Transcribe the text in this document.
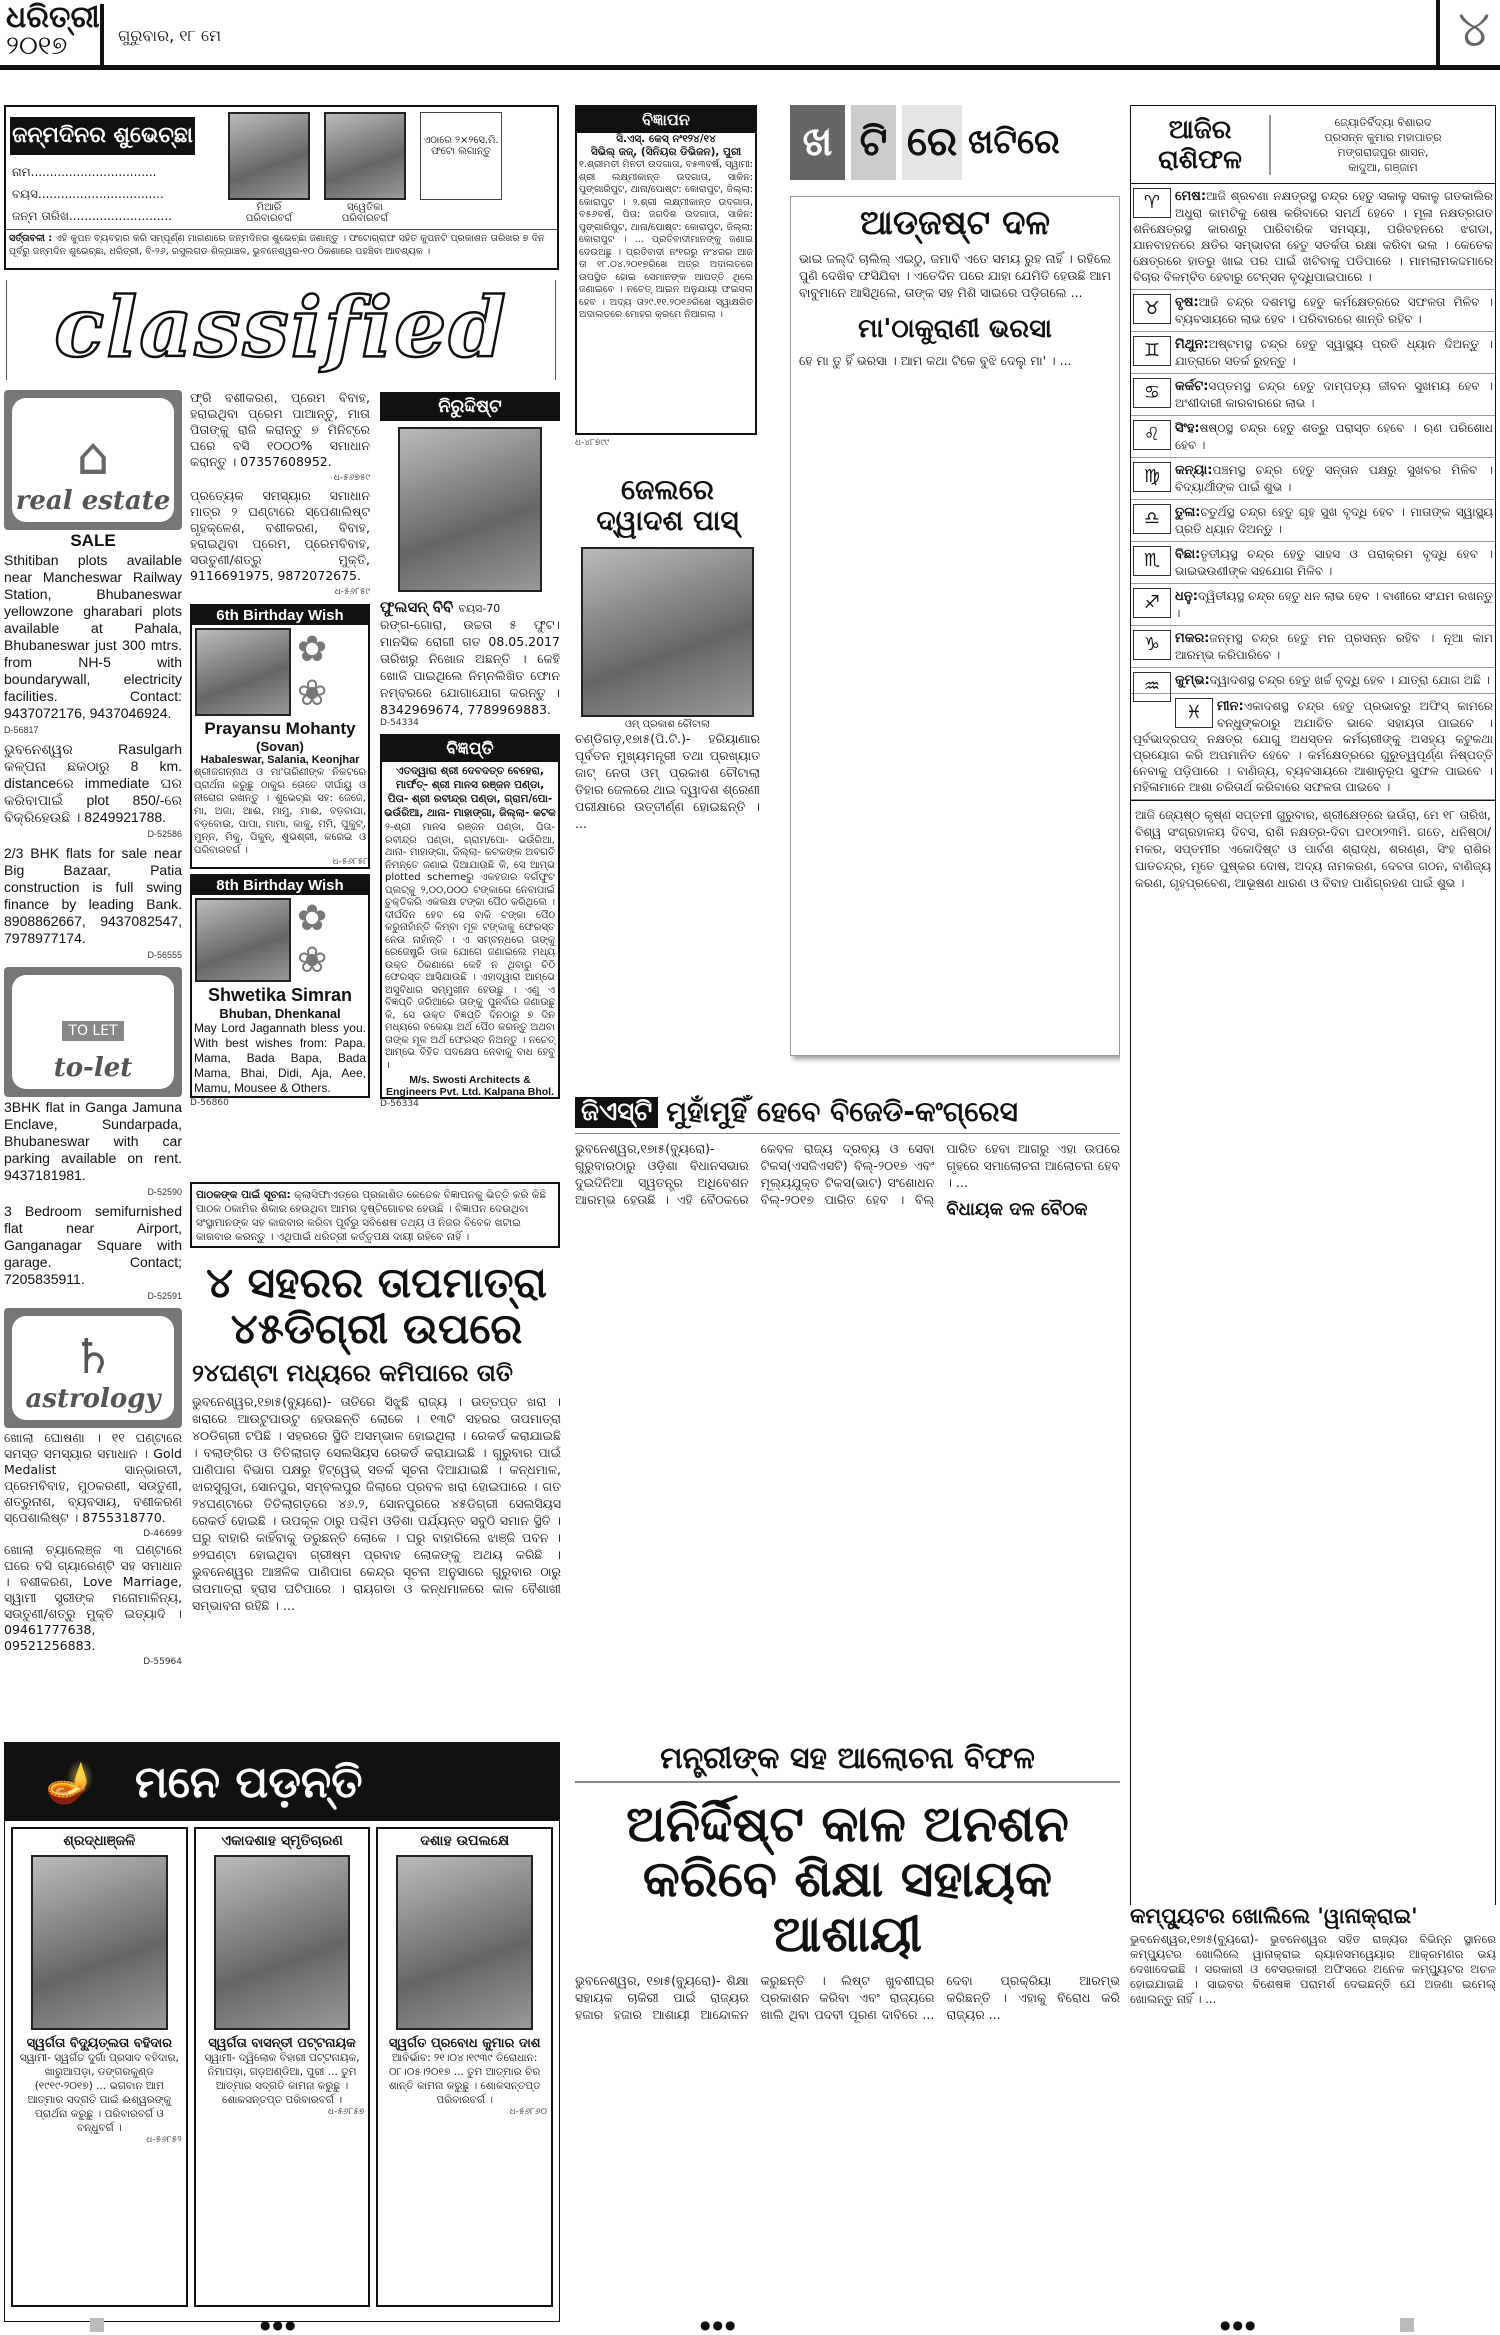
ଧରିତ୍ରୀ
୨୦୧୭	ଗୁରୁବାର, ୧୮ ମେ	୪
ଜନ୍ମଦିନର ଶୁଭେଚ୍ଛା
ନାମ.................................
ବୟସ.................................
ଜନ୍ମ ତାରିଖ...........................
ମିଆରିଁ
ପରିବାରବର୍ଗ
ସ୍ୱେତିକା
ପରିବାରବର୍ଗ
ଏଠାରେ ୨×୨ସେ.ମି. ଫଟୋ ଲଗାନ୍ତୁ
ସର୍ତ୍ତାବଳୀ : ଏହି କୁପନ ବ୍ୟବହାର କରି ସମ୍ପୂର୍ଣ୍ଣ ମାଗଣାରେ ଜନ୍ମଦିନର ଶୁଭେଚ୍ଛା ଜଣାନ୍ତୁ । ଫଟୋଗ୍ରାଫ ସହିତ କୁପନଟି ପ୍ରକାଶନ ତାରିଖର ୭ ଦିନ ପୂର୍ବରୁ ଜନ୍ମଦିନ ଶୁଭେଚ୍ଛା, ଧରିତ୍ରୀ, ବି-୨୬, ରସୁଲଗଡ ଶିଳ୍ପାଞ୍ଚଳ, ଭୁବନେଶ୍ୱର-୧୦ ଠିକଣାରେ ପହଞ୍ଚିବା ଆବଶ୍ୟକ ।
classified
⌂
real estate
SALE
Sthitiban plots available near Mancheswar Railway Station, Bhubaneswar yellowzone gharabari plots available at Pahala, Bhubaneswar just 300 mtrs. from NH-5 with boundarywall, electricity facilities. Contact: 9437072176, 9437046924.
D-56817
ଭୁବନେଶ୍ୱର Rasulgarh କଳ୍ପନା ଛକଠାରୁ 8 km. distanceରେ immediate ଘର କରିବାପାଇଁ plot 850/-ରେ ବିକ୍ରିହେଉଛି । 8249921788.
D-52586
2/3 BHK flats for sale near Big Bazaar, Patia construction is full swing finance by leading Bank. 8908862667, 9437082547, 7978977174.
D-56555
TO LET
to-let
3BHK flat in Ganga Jamuna Enclave, Sundarpada, Bhubaneswar with car parking available on rent. 9437181981.
D-52590
3 Bedroom semifurnished flat near Airport, Ganganagar Square with garage. Contact; 7205835911.
D-52591
♄
astrology
ଖୋଲା ଘୋଷଣା । ୧୧ ଘଣ୍ଟାରେ ସମସ୍ତ ସମସ୍ୟାର ସମାଧାନ । Gold Medalist ସାନ୍ଭାରତୀ, ପ୍ରେମବିବାହ, ମୁଠକରଣୀ, ସଉତୁଣୀ, ଶତ୍ରୁନାଶ, ବ୍ୟବସାୟ, ବଶୀକରଣ ସ୍ପେଶାଲିଷ୍ଟ । 8755318770.
D-46699
ଖୋଲା ଚ୍ୟାଲେଞ୍ଜ ୩ ଘଣ୍ଟାରେ ଘରେ ବସି ଗ୍ୟାରେଣ୍ଟି ସହ ସମାଧାନ । ବଶୀକରଣ, Love Marriage, ସ୍ୱାମୀ ସ୍ତ୍ରୀଙ୍କ ମନୋମାଳିନ୍ୟ, ସଉତୁଣୀ/ଶତ୍ରୁ ମୁକ୍ତି ଇତ୍ୟାଦି । 09461777638, 09521256883.
D-55964
ଫ୍ରି ବଶୀକରଣ, ପ୍ରେମ ବିବାହ, ହରାଇଥିବା ପ୍ରେମ ପାଆନ୍ତୁ, ମାତା ପିତାଙ୍କୁ ରାଜି କରାନ୍ତୁ ୭ ମିନିଟ୍‌ରେ ଘରେ ବସି ୧୦୦୦% ସମାଧାନ କରାନ୍ତୁ । 07357608952.
ଧ-୫୬୭୫୯
ପ୍ରତ୍ୟେକ ସମସ୍ୟାର ସମାଧାନ ମାତ୍ର ୨ ଘଣ୍ଟାରେ ସ୍ପେଶାଲିଷ୍ଟ ଗୃହକ୍ଳେଶ, ବଶୀକରଣ, ବିବାହ, ହରାଇଥିବା ପ୍ରେମ, ପ୍ରେମବିବାହ, ସଉତୁଣୀ/ଶତ୍ରୁ ମୁକ୍ତି, 9116691975, 9872072675.
ଧ-୫୬୮୫୯
6th Birthday Wish
✿
❀
Prayansu Mohanty
(Sovan)
Habaleswar, Salania, Keonjhar
ଶ୍ରୀଜଗନ୍ନାଥ ଓ ମା'ତାରିଣୀଙ୍କ ନିକଟରେ ପ୍ରାର୍ଥନା କରୁଛୁ ଠାକୁର ତୋତେ ଦୀର୍ଘାୟୁ ଓ ନୀରୋଗ ରଖନ୍ତୁ । ଶୁଭେଚ୍ଛା ସହ: ଜେଜେ, ମା, ଅଜା, ଆଈ, ମାମୁ, ମାଈ, ବଡ଼ବାପା, ବଡ଼ବୋଉ, ପାପା, ମାମା, କାକୁ, ମମି, ପୁକୁଟ୍, ମୁନ୍ନ, ମିକୁ, ପିକୁନ୍, ଶୁଭଶ୍ରୀ, କରେଇ ଓ ପରିବାରବର୍ଗ ।
ଧ-୫୬୮୫୮
8th Birthday Wish
✿
❀
Shwetika Simran
Bhuban, Dhenkanal
May Lord Jagannath bless you. With best wishes from: Papa. Mama, Bada Bapa, Bada Mama, Bhai, Didi, Aja, Aee, Mamu, Mousee & Others.
D-56860
ନିରୁଦ୍ଦିଷ୍ଟ
ଫୁଲସନ୍ ବିବି ବୟସ-70
ରଙ୍ଗ-ଗୋରା, ଉଚ୍ଚତା ୫ ଫୁଟ। ମାନସିକ ରୋଗୀ ଗତ 08.05.2017 ତାରିଖରୁ ନିଖୋଜ ଅଛନ୍ତି । କେହି ଖୋଜି ପାଇଥିଲେ ନିମ୍ନଲିଖିତ ଫୋନ ନମ୍ବରରେ ଯୋଗାଯୋଗ କରନ୍ତୁ । 8342969674, 7789969883.
D-54334
ବିଜ୍ଞପ୍ତି
ଏତଦ୍ୱାରା ଶ୍ରୀ ଦେବଦତ୍ତ ବେହେରା, ମାର୍ଫତ୍- ଶ୍ରୀ ମାନସ ରଞ୍ଜନ ପଣ୍ଡା, ପିତା- ଶ୍ରୀ ରବୀନ୍ଦ୍ର ପଣ୍ଡା, ଗ୍ରାମ/ପୋ- ଭଉଁରିଆ, ଥାନା- ମାହାଙ୍ଗା, ଜିଲ୍ଲା- କଟକ
୨-ଶ୍ରୀ ମାନସ ରଞ୍ଜନ ପଣ୍ଡା, ପିତା- ରବୀନ୍ଦ୍ର ପଣ୍ଡା, ଗ୍ରାମ/ପୋ- ଭଉଁରିଆ, ଥାନା- ମାହାଙ୍ଗା, ଜିଲ୍ଲା- କଟକଙ୍କ ଅବଗତି ନିମନ୍ତେ ଜଣାଇ ଦିଆଯାଉଛି କି, ସେ ଆମ୍ଭ plotted schemeରୁ ଏକହଜାର ବର୍ଗଫୁଟ ପ୍ଲଟ୍‌କୁ ୨,୦୦,୦୦୦ ଟଙ୍କାରେ ନେବାପାଇଁ ଚୁକ୍ତିକରି ଏକଲକ୍ଷ ଟଙ୍କା ପୈଠ କରିଥିଲେ । ଦୀର୍ଘଦିନ ହେବ ସେ ବାକି ଟଙ୍କା ପୈଠ କରୁନାହାଁନ୍ତି କିମ୍ବା ମୂଳ ଟଙ୍କାକୁ ଫେରସ୍ତ ନେଉ ନାହାଁନ୍ତି । ଏ ସମ୍ବନ୍ଧରେ ତାଙ୍କୁ ରେଜେଷ୍ଟ୍ରି ଡାକ ଯୋଗେ ଜଣାଇଲେ ମଧ୍ୟ ଉକ୍ତ ଠିକଣାରେ କେହି ନ ଥିବାରୁ ଚିଠି ଫେରସ୍ତ ଆସିଯାଉଛି । ଏହାଦ୍ୱାରା ଆମ୍ଭେ ଅସୁବିଧାର ସମ୍ମୁଖୀନ ହେଉଛୁ । ଏଣୁ ଏ ବିଜ୍ଞପ୍ତି ଜରିଆରେ ତାଙ୍କୁ ପୁନର୍ବାର ଜଣାଉଛୁ କି, ସେ ଉକ୍ତ ବିଜ୍ଞପ୍ତି ଦିନଠାରୁ ୭ ଦିନ ମଧ୍ୟରେ ବକେୟା ଅର୍ଥ ପୈଠ କରନ୍ତୁ ଅଥବା ତାଙ୍କ ମୂଳ ଅର୍ଥ ଫେରସ୍ତ ନିଅନ୍ତୁ । ନଚେତ୍ ଆମ୍ଭେ ବିହିତ ପଦକ୍ଷେପ ନେବାକୁ ବାଧ ହେବୁ ।
M/s. Swosti Architects & Engineers Pvt. Ltd. Kalpana Bhol.
D-56334
ପାଠକଙ୍କ ପାଇଁ ସୂଚନା: କ୍ଲାସିଫାଏଡ୍‌ରେ ପ୍ରକାଶିତ କେତେକ ବିଜ୍ଞାପନକୁ ଭିତ୍ତି କରି କିଛି ପାଠକ ଠକାମିର ଶିକାର ହେଉଥିବା ଆମର ଦୃଷ୍ଟିଗୋଚର ହେଉଛି । ବିଜ୍ଞାପନ ଦେଉଥିବା ସଂସ୍ଥାମାନଙ୍କ ସହ କାରବାର କରିବା ପୂର୍ବରୁ ସବିଶେଷ ତଥ୍ୟ ଓ ନିଜର ବିବେକ ଖଟାଇ କାରବାର କରନ୍ତୁ । ଏଥିପାଇଁ ଧରିତ୍ରୀ କର୍ତ୍ତୃପକ୍ଷ ଦାୟୀ ରହିବେ ନାହିଁ ।
୪ ସହରର ତାପମାତ୍ରା ୪୫ଡିଗ୍ରୀ ଉପରେ
୨୪ଘଣ୍ଟା ମଧ୍ୟରେ କମିପାରେ ତାତି
ଭୁବନେଶ୍ୱର,୧୭ା୫(ବ୍ୟୁରୋ)- ତାତିରେ ସିଝୁଛି ରାଜ୍ୟ । ଉତ୍ତପ୍ତ ଖରା । ଖରାରେ ଆଉଟୁପାଉଟୁ ହେଉଛନ୍ତି ଲୋକେ । ୧୩ଟି ସହରର ତାପମାତ୍ରା ୪୦ଡିଗ୍ରୀ ଟପିଛି । ସହରରେ ସ୍ଥିତି ଅସମ୍ଭାଳ ହୋଇଥିଲା । ରେକର୍ଡ କରାଯାଇଛି । ବଲାଙ୍ଗିର ଓ ତିତିଲାଗଡ଼ ସେଲସିୟସ ରେକର୍ଡ କରାଯାଇଛି । ଗୁରୁବାର ପାଇଁ ପାଣିପାଗ ବିଭାଗ ପକ୍ଷରୁ ହିଟ୍‌ୱେଭ୍ ସତର୍କ ସୂଚନା ଦିଆଯାଇଛି । କନ୍ଧମାଳ, ଝାରସୁଗୁଡା, ସୋନପୁର, ସମ୍ବଲପୁର ଜିଲାରେ ପ୍ରବଳ ଖରା ହୋଇପାରେ । ଗତ ୨୪ଘଣ୍ଟାରେ ତିତିଲାଗଡ଼ରେ ୪୬.୨, ସୋନପୁରରେ ୪୫ଡିଗ୍ରୀ ସେଲସିୟସ ରେକର୍ଡ ହୋଇଛି । ଉପକୂଳ ଠାରୁ ପଶ୍ଚିମ ଓଡିଶା ପର୍ଯ୍ୟନ୍ତ ସବୁଠି ସମାନ ସ୍ଥିତି । ଘରୁ ବାହାରି କାହିଁବାକୁ ଡରୁଛନ୍ତି ଲୋକେ । ଘରୁ ବାହାରିଲେ ଝାଞ୍ଜି ପବନ । ୭୨ଘଣ୍ଟା ହୋଇଥିବା ଗ୍ରୀଷ୍ମ ପ୍ରବାହ ଲୋକଙ୍କୁ ଅଥୟ କରିଛି । ଭୁବନେଶ୍ୱର ଆଞ୍ଚଳିକ ପାଣିପାଗ କେନ୍ଦ୍ର ସୂଚନା ଅନୁସାରେ ଗୁରୁବାର ଠାରୁ ତାପମାତ୍ରା ହ୍ରାସ ଘଟିପାରେ । ରାୟଗଡା ଓ କନ୍ଧମାଳରେ କାଳ ବୈଶାଖୀ ସମ୍ଭାବନା ରହିଛି । ...
ବିଜ୍ଞାପନ
ସି.ଏସ୍. କେସ୍ ନଂ୧୨୪/୧୪
ସିଭିଲ୍ ଜଜ୍, (ସିନିୟର ଡିଭିଜନ), ପୁରୀ
୧.ଶ୍ରୀମତୀ ମିନତୀ ଉଦଗାତା, ବ୫୩ବର୍ଷ, ସ୍ୱାମୀ: ଶ୍ରୀ ଲକ୍ଷ୍ମୀକାନ୍ତ ଉଦଗାତା, ସାକିନ: ପୁଙ୍ଗାରିପୁଟ, ଥାନା/ପୋଷ୍ଟ: କୋରାପୁଟ, ଜିଲ୍ଲା: କୋରାପୁଟ । ୨.ଶ୍ରୀ ଲକ୍ଷ୍ମୀକାନ୍ତ ଉଦଗାତା, ବ୫୬ବର୍ଷ, ପିତା: ଜଗଦିଶ ଉଦଗାତା, ସାକିନ: ପୁଙ୍ଗାରିପୁଟ, ଥାନା/ପୋଷ୍ଟ: କୋରାପୁଟ, ଜିଲ୍ଲା: କୋରାପୁଟ । ... ପ୍ରତିବାଦୀମାନଙ୍କୁ ଜଣାଇ ଦେଉଅଛୁ । ପ୍ରତିବାଦୀ ନଂ୧ରରୁ ନଂ୪ରର ଆଜ ତା ୧୮.୦୪.୨୦୧୭ରିଖେ ଅତ୍ର ଅଦାଲତରେ ଉପସ୍ଥିତ ହୋଇ ସେମାନଙ୍କ ଆପତ୍ତି ଥିଲେ ଜଣାଇବେ । ନଚେତ୍ ଆଇନ ଅନୁଯାୟୀ ଫଇସଲା ହେବ । ଅଦ୍ୟ ତା୨୯.୧୧.୨୦୧୬ରିଖେ ସ୍ୱାକ୍ଷରିତ ଅଦାଲତରେ ମୋହର କ୍ରମେ ନିଆଗଲା ।
ଧ-୪୮୭୯୯
ଜେଲରେ ଦ୍ୱାଦଶ ପାସ୍
ଓମ୍ ପ୍ରକାଶ ଚୌଟାଲା
ଚଣ୍ଡିଗଡ଼,୧୭ା୫(ପି.ଟି.)- ହରିୟାଣାର ପୂର୍ବତନ ମୁଖ୍ୟମନ୍ତ୍ରୀ ତଥା ପ୍ରଖ୍ୟାତ ଜାଟ୍ ନେତା ଓମ୍ ପ୍ରକାଶ ଚୌଟାଲା ତିହାର ଜେଲରେ ଥାଇ ଦ୍ୱାଦଶ ଶ୍ରେଣୀ ପରୀକ୍ଷାରେ ଉତ୍ତୀର୍ଣ୍ଣ ହୋଇଛନ୍ତି । ...
ଖ ଟି ରେ ଖଟିରେ
ଆଡ୍‌ଜଷ୍ଟ ଦଳ
ଭାଇ ଜଲ୍‌ଦି ଚାଲିଲ୍ ଏଇଠୁ, ଜମାବି ଏତେ ସମୟ ରୁହ ନାହିଁ । ରହିଲେ ପୁଣି ଦେଖିବ ଫସିଯିବା । ଏତେଦିନ ପରେ ଯାହା ଯେମିତି ହେଉଛି ଆମ ବାବୁମାନେ ଆସିଥିଲେ, ତାଙ୍କ ସହ ମିଶି ସାଇରେ ପଡ଼ିଗଲେ ...
ମା'ଠାକୁରାଣୀ ଭରସା
ହେ ମା ତୁ ହିଁ ଭରସା । ଆମ କଥା ଟିକେ ବୁଝି ଦେଲୁ ମା' । ...
ଜିଏସ୍‌ଟି ମୁହାଁମୁହିଁ ହେବେ ବିଜେଡି-କଂଗ୍ରେସ
ଭୁବନେଶ୍ୱର,୧୭ା୫(ବ୍ୟୁରୋ)- ଗୁରୁବାରଠାରୁ ଓଡ଼ିଶା ବିଧାନସଭାର ଦୁଇଦିନିଆ ସ୍ୱତନ୍ତ୍ର ଅଧିବେଶନ ଆରମ୍ଭ ହେଉଛି । ଏହି ବୈଠକରେ କେବଳ ରାଜ୍ୟ ଦ୍ରବ୍ୟ ଓ ସେବା ଟିକସ(ଏସଜିଏସଟି) ବିଲ୍-୨୦୧୭ ଏବଂ ମୂଲ୍ୟଯୁକ୍ତ ଟିକସ(ଭାଟ) ସଂଶୋଧନ ବିଲ୍-୨୦୧୭ ପାରିତ ହେବ । ବିଲ୍ ପାରିତ ହେବା ଆଗରୁ ଏହା ଉପରେ ଗୃହରେ ସମାଲୋଚନା ଆଲୋଚନା ହେବ । ...
ବିଧାୟକ ଦଳ ବୈଠକ
🪔 ମନେ ପଡ଼ନ୍ତି
ଶ୍ରଦ୍ଧାଞ୍ଜଳି
ସ୍ୱର୍ଗତା ବିଦ୍ୟୁତ୍‌ଲତା ବହିଦାର
ସ୍ୱାମୀ- ସ୍ୱର୍ଗତ ଦୁର୍ଗା ପ୍ରସାଦ ବହିଦାର, ଖାରୁଆପଡ଼ା, ଡଙ୍ଗରକୁଣ୍ଡ (୧୯୧୯-୨୦୧୭) ... ଭଗବାନ ଆମ ଆତ୍ମାର ସଦ୍‌ଗତି ପାଇଁ ଈଶ୍ୱରଙ୍କୁ ପ୍ରାର୍ଥନା କରୁଛୁ । ପରିବାରବର୍ଗ ଓ ବନ୍ଧୁବର୍ଗ ।
ଧ-୫୬୮୫୨
ଏକାଦଶାହ ସ୍ମୃତିଚାରଣ
ସ୍ୱର୍ଗତା ବାସନ୍ତୀ ପଟ୍ଟନାୟକ
ସ୍ୱାମୀ- ଦ୍ୱିଲୋକ ବିହାରୀ ପଟ୍ଟନାୟକ, ନିମାପଡ଼ା, ଗଡ଼ଅଣ୍ଡିଆ, ପୁରୀ ... ତୁମ ଆତ୍ମାର ସଦ୍‌ଗତି କାମନା କରୁଛୁ । ଶୋକସନ୍ତପ୍ତ ପରିବାରବର୍ଗ ।
ଧ-୫୬୮୫୭
ଦଶାହ ଉପଲକ୍ଷେ
ସ୍ୱର୍ଗତ ପ୍ରବୋଧ କୁମାର ଦାଶ
ଆବିର୍ଭାବ: ୨୧।୦୪।୧୯୩୯ ତିରୋଧାନ: ୦୮।୦୫।୨୦୧୭ ... ତୁମ ଆତ୍ମାର ଚିର ଶାନ୍ତି କାମନା କରୁଛୁ । ଶୋକସନ୍ତପ୍ତ ପରିବାରବର୍ଗ ।
ଧ-୫୬୮୬୦
ମନ୍ତ୍ରୀଙ୍କ ସହ ଆଲୋଚନା ବିଫଳ
ଅନିର୍ଦ୍ଦିଷ୍ଟ କାଳ ଅନଶନ କରିବେ ଶିକ୍ଷା ସହାୟକ ଆଶାୟୀ
ଭୁବନେଶ୍ୱର, ୧୭ା୫(ବ୍ୟୁରୋ)- ଶିକ୍ଷା ସହାୟକ ଚାକିରୀ ପାଇଁ ରାଜ୍ୟର ହଜାର ହଜାର ଆଶାୟୀ ଆନ୍ଦୋଳନ କରୁଛନ୍ତି । ଲିଷ୍ଟ ଖୁବଶୀଘ୍ର ପ୍ରକାଶନ କରିବା ଏବଂ ରାଜ୍ୟରେ ଖାଲି ଥିବା ପଦବୀ ପୂରଣ ଦାବିରେ ... ଦେବା ପ୍ରକ୍ରିୟା ଆରମ୍ଭ କରିଛନ୍ତି । ଏହାକୁ ବିରୋଧ କରି ରାଜ୍ୟର ...
ଆଜିର ରାଶିଫଳ
ଜ୍ୟୋତିର୍ବିଦ୍ୟା ବିଶାରଦ
ପ୍ରସନ୍ନ କୁମାର ମହାପାତ୍ର
ମଙ୍ଗରାଜପୁର ଶାସନ,
କାଦୁଆ, ଗଞ୍ଜାମ
♈	ମେଷ:ଆଜି ଶ୍ରବଣା ନକ୍ଷତ୍ରସ୍ଥ ଚନ୍ଦ୍ର ହେତୁ ସକାଳୁ ସକାଳୁ ଗତକାଲିର ଅଧୁରା କାମଟିକୁ ଶେଷ କରିବାରେ ସମର୍ଥ ହେବେ । ମୂଳା ନକ୍ଷତ୍ରଗତ ଶନିକ୍ଷେତ୍ରସ୍ଥ କାରଣରୁ ପାରିବାରିକ ସମସ୍ୟା, ପରିବହନରେ ଝଗଡା, ଯାନବାହନରେ କ୍ଷତିର ସମ୍ଭାବନା ହେତୁ ସତର୍କତା ରକ୍ଷା କରିବା ଭଲ । କେତେକ କ୍ଷେତ୍ରରେ ହାତରୁ ଖାଇ ପର ପାଇଁ ଖଟିବାକୁ ପଡିପାରେ । ମାମଲାମକଦ୍ଦମାରେ ବିଚାର ବିଳମ୍ବିତ ହେବାରୁ ଟେନ୍ସନ ବୃଦ୍ଧିପାଇପାରେ ।
♉	ବୃଷ:ଆଜି ଚନ୍ଦ୍ର ଦଶମସ୍ଥ ହେତୁ କର୍ମକ୍ଷେତ୍ରରେ ସଫଳତା ମିଳିବ । ବ୍ୟବସାୟରେ ଲାଭ ହେବ । ପରିବାରରେ ଶାନ୍ତି ରହିବ ।
♊	ମିଥୁନ:ଅଷ୍ଟମସ୍ଥ ଚନ୍ଦ୍ର ହେତୁ ସ୍ୱାସ୍ଥ୍ୟ ପ୍ରତି ଧ୍ୟାନ ଦିଅନ୍ତୁ । ଯାତ୍ରାରେ ସତର୍କ ରୁହନ୍ତୁ ।
♋	କର୍କଟ:ସପ୍ତମସ୍ଥ ଚନ୍ଦ୍ର ହେତୁ ଦାମ୍ପତ୍ୟ ଜୀବନ ସୁଖମୟ ହେବ । ଅଂଶୀଦାରୀ କାରବାରରେ ଲାଭ ।
♌	ସିଂହ:ଷଷ୍ଠସ୍ଥ ଚନ୍ଦ୍ର ହେତୁ ଶତ୍ରୁ ପରାସ୍ତ ହେବେ । ଋଣ ପରିଶୋଧ ହେବ ।
♍	କନ୍ୟା:ପଞ୍ଚମସ୍ଥ ଚନ୍ଦ୍ର ହେତୁ ସନ୍ତାନ ପକ୍ଷରୁ ସୁଖବର ମିଳିବ । ବିଦ୍ୟାର୍ଥୀଙ୍କ ପାଇଁ ଶୁଭ ।
♎	ତୁଳା:ଚତୁର୍ଥସ୍ଥ ଚନ୍ଦ୍ର ହେତୁ ଗୃହ ସୁଖ ବୃଦ୍ଧି ହେବ । ମାତାଙ୍କ ସ୍ୱାସ୍ଥ୍ୟ ପ୍ରତି ଧ୍ୟାନ ଦିଅନ୍ତୁ ।
♏	ବିଛା:ତୃତୀୟସ୍ଥ ଚନ୍ଦ୍ର ହେତୁ ସାହସ ଓ ପରାକ୍ରମ ବୃଦ୍ଧି ହେବ । ଭାଇଭଉଣୀଙ୍କ ସହଯୋଗ ମିଳିବ ।
♐	ଧନୁ:ଦ୍ୱିତୀୟସ୍ଥ ଚନ୍ଦ୍ର ହେତୁ ଧନ ଲାଭ ହେବ । ବାଣୀରେ ସଂଯମ ରଖନ୍ତୁ ।
♑	ମକର:ଜନ୍ମସ୍ଥ ଚନ୍ଦ୍ର ହେତୁ ମନ ପ୍ରସନ୍ନ ରହିବ । ନୂଆ କାମ ଆରମ୍ଭ କରିପାରିବେ ।
♒	କୁମ୍ଭ:ଦ୍ୱାଦଶସ୍ଥ ଚନ୍ଦ୍ର ହେତୁ ଖର୍ଚ୍ଚ ବୃଦ୍ଧି ହେବ । ଯାତ୍ରା ଯୋଗ ଅଛି ।
♓	ମୀନ:ଏକାଦଶସ୍ଥ ଚନ୍ଦ୍ର ହେତୁ ପ୍ରଭାବରୁ ଅଫିସ୍ କାମରେ ବନ୍ଧୁଙ୍କଠାରୁ ଅଯାଚିତ ଭାବେ ସହାୟତା ପାଇବେ । ପୂର୍ବଭାଦ୍ରପଦ୍ ନକ୍ଷତ୍ର ଯୋଗୁ ଅଧସ୍ତନ କର୍ମଚାରୀଙ୍କୁ ଅସହ୍ୟ କଟୁକଥା ପ୍ରୟୋଗ କରି ଅପମାନିତ ହେବେ । କର୍ମକ୍ଷେତ୍ରରେ ଗୁରୁତ୍ୱପୂର୍ଣ୍ଣ ନିଷ୍ପତ୍ତି ନେବାକୁ ପଡ଼ିପାରେ । ବାଣିଜ୍ୟ, ବ୍ୟବସାୟରେ ଆଶାନୁରୂପ ସୁଫଳ ପାଇବେ । ମହିଳାମାନେ ଆଶା ଚରିତାର୍ଥ କରିବାରେ ସଫଳତା ପାଇବେ ।
ଆଜି ଜ୍ୟେଷ୍ଠ କୃଷ୍ଣ ସପ୍ତମୀ ଗୁରୁବାର, ଶ୍ରୀକ୍ଷେତ୍ରେ ଭଉଁରା, ମେ ୧୮ ତାରିଖ, ବିଶ୍ୱ ସଂଗ୍ରହାଳୟ ଦିବସ, ରାଶି ନକ୍ଷତ୍ର-ଦିବା ଘ୧୦ା୨୩ମି. ଗତେ, ଧନିଷ୍ଠା/ମକର, ସପ୍ତମୀର ଏକୋଦିଷ୍ଟ ଓ ପାର୍ବଣ ଶ୍ରାଦ୍ଧ, ଶରଣ୍ଣ, ସିଂହ ରାଶିର ଘାତଚନ୍ଦ୍ର, ମୃତେ ପୁଷ୍କର ଦୋଷ, ଅଦ୍ୟ ନାମକରଣ, ଦେବତା ଗଠନ, ବାଣିଜ୍ୟ କରଣ, ଗୃହପ୍ରବେଶ, ଆଭୂଷଣ ଧାରଣ ଓ ବିବାହ ପାଣିଗ୍ରହଣ ପାଇଁ ଶୁଭ ।
କମ୍ପ୍ୟୁଟର ଖୋଲିଲେ 'ୱାନାକ୍ରାଇ'
ଭୁବନେଶ୍ୱର,୧୭ା୫(ବ୍ୟୁରୋ)- ଭୁବନେଶ୍ୱର ସହିତ ରାଜ୍ୟର ବିଭିନ୍ନ ସ୍ଥାନରେ କମ୍ପ୍ୟୁଟର ଖୋଲିଲେ ୱାନାକ୍ରାଇ ର୍‍ୟାନସମୱେୟାର ଆକ୍ରମଣର ଭୟ ଦେଖାଦେଇଛି । ସରକାରୀ ଓ ବେସରକାରୀ ଅଫିସରେ ଅନେକ କମ୍ପ୍ୟୁଟର ଅଚଳ ହୋଇଯାଇଛି । ସାଇବର ବିଶେଷଜ୍ଞ ପରାମର୍ଶ ଦେଇଛନ୍ତି ଯେ ଅଜଣା ଇମେଲ୍ ଖୋଲନ୍ତୁ ନାହିଁ । ...
●●●	●●●	●●●
